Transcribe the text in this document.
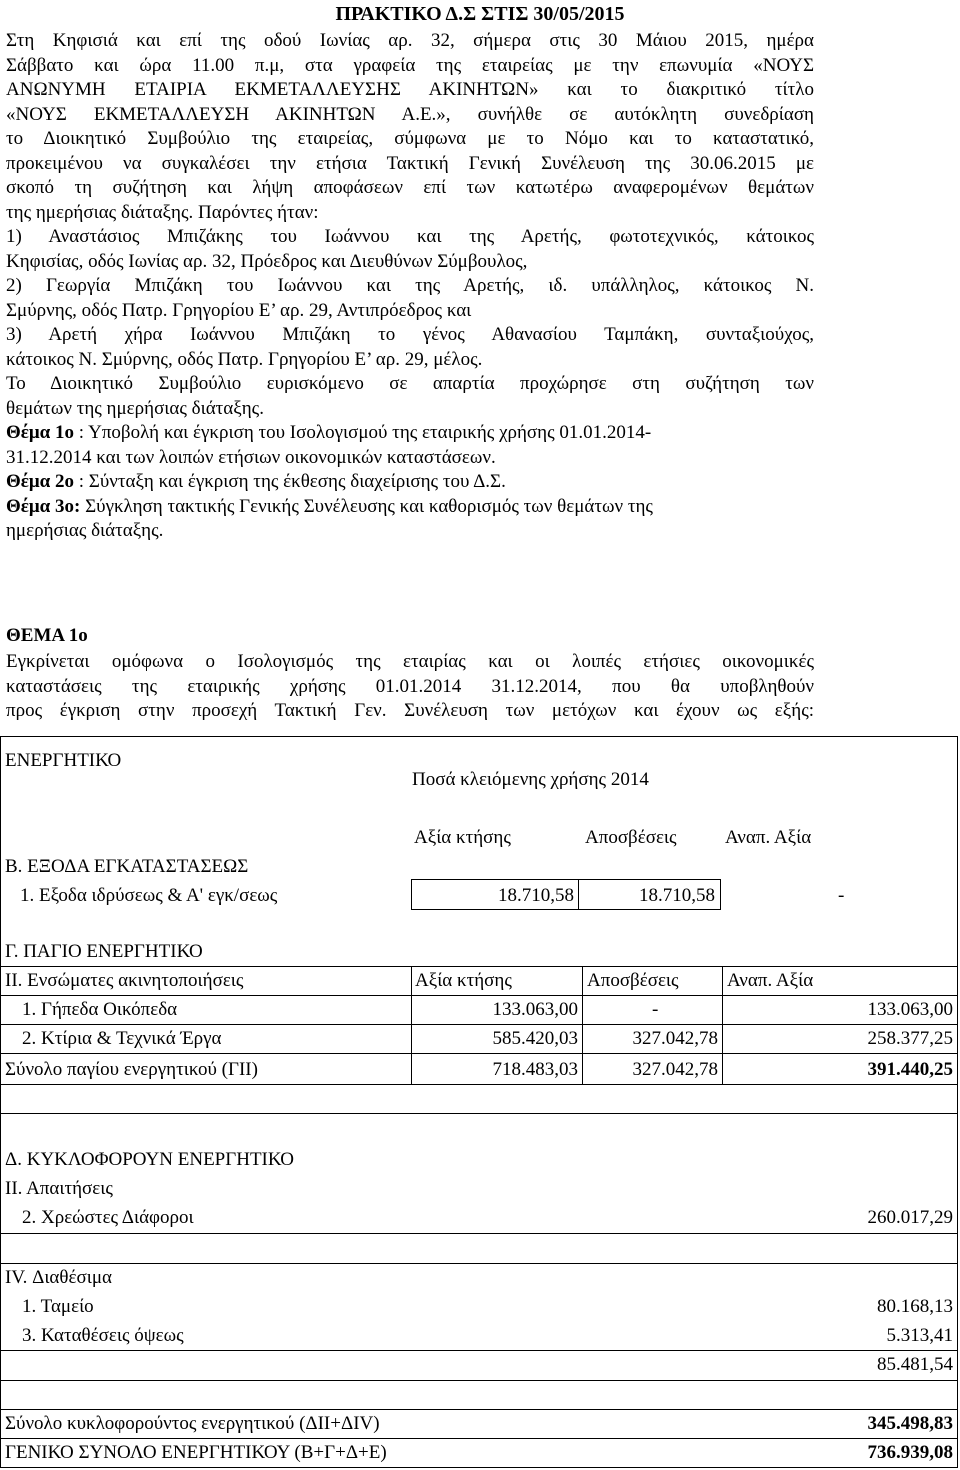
ΠΡΑΚΤΙΚΟ Δ.Σ ΣΤΙΣ 30/05/2015
Στη Κηφισιά και επί της οδού Ιωνίας αρ. 32, σήμερα στις 30 Μάιου 2015, ημέρα
Σάββατο και ώρα 11.00 π.μ, στα γραφεία της εταιρείας με την επωνυμία «ΝΟΥΣ
ΑΝΩΝΥΜΗ ΕΤΑΙΡΙΑ ΕΚΜΕΤΑΛΛΕΥΣΗΣ ΑΚΙΝΗΤΩΝ» και το διακριτικό τίτλο
«ΝΟΥΣ ΕΚΜΕΤΑΛΛΕΥΣΗ ΑΚΙΝΗΤΩΝ Α.Ε.», συνήλθε σε αυτόκλητη συνεδρίαση
το Διοικητικό Συμβούλιο της εταιρείας, σύμφωνα με το Νόμο και το καταστατικό,
προκειμένου να συγκαλέσει την ετήσια Τακτική Γενική Συνέλευση της 30.06.2015 με
σκοπό τη συζήτηση και λήψη αποφάσεων επί των κατωτέρω αναφερομένων θεμάτων
της ημερήσιας διάταξης. Παρόντες ήταν:
1) Αναστάσιος Μπιζάκης του Ιωάννου και της Αρετής, φωτοτεχνικός, κάτοικος
Κηφισίας, οδός Ιωνίας αρ. 32, Πρόεδρος και Διευθύνων Σύμβουλος,
2) Γεωργία Μπιζάκη του Ιωάννου και της Αρετής, ιδ. υπάλληλος, κάτοικος Ν.
Σμύρνης, οδός Πατρ. Γρηγορίου Ε’ αρ. 29, Αντιπρόεδρος και
3) Αρετή χήρα Ιωάννου Μπιζάκη το γένος Αθανασίου Ταμπάκη, συνταξιούχος,
κάτοικος Ν. Σμύρνης, οδός Πατρ. Γρηγορίου Ε’ αρ. 29, μέλος.
Το Διοικητικό Συμβούλιο ευρισκόμενο σε απαρτία προχώρησε στη συζήτηση των
θεμάτων της ημερήσιας διάταξης.
Θέμα 1ο : Υποβολή και έγκριση του Ισολογισμού της εταιρικής χρήσης 01.01.2014-
31.12.2014 και των λοιπών ετήσιων οικονομικών καταστάσεων.
Θέμα 2ο : Σύνταξη και έγκριση της έκθεσης διαχείρισης του Δ.Σ.
Θέμα 3ο: Σύγκληση τακτικής Γενικής Συνέλευσης και καθορισμός των θεμάτων της
ημερήσιας διάταξης.
ΘΕΜΑ 1ο
Εγκρίνεται ομόφωνα ο Ισολογισμός της εταιρίας και οι λοιπές ετήσιες οικονομικές
καταστάσεις της εταιρικής χρήσης 01.01.2014 31.12.2014, που θα υποβληθούν
προς έγκριση στην προσεχή Τακτική Γεν. Συνέλευση των μετόχων και έχουν ως εξής:
ΕΝΕΡΓΗΤΙΚΟ
Ποσά κλειόμενης χρήσης 2014
Αξία κτήσης	Αποσβέσεις	Αναπ. Αξία
Β. ΕΞΟΔΑ ΕΓΚΑΤΑΣΤΑΣΕΩΣ
1. Εξοδα ιδρύσεως & Α' εγκ/σεως	18.710,58	18.710,58	-
Γ. ΠΑΓΙΟ ΕΝΕΡΓΗΤΙΚΟ
ΙΙ. Ενσώματες ακινητοποιήσεις	Αξία κτήσης	Αποσβέσεις	Αναπ. Αξία
1. Γήπεδα Οικόπεδα	133.063,00	-	133.063,00
2. Κτίρια & Τεχνικά Έργα	585.420,03	327.042,78	258.377,25
Σύνολο παγίου ενεργητικού (ΓΙΙ)	718.483,03	327.042,78	391.440,25
Δ. ΚΥΚΛΟΦΟΡΟΥΝ ΕΝΕΡΓΗΤΙΚΟ
ΙΙ. Απαιτήσεις
2. Χρεώστες Διάφοροι	260.017,29
ΙV. Διαθέσιμα
1. Ταμείο	80.168,13
3. Καταθέσεις όψεως	5.313,41
85.481,54
Σύνολο κυκλοφορούντος ενεργητικού (ΔΙΙ+ΔΙV)	345.498,83
ΓΕΝΙΚΟ ΣΥΝΟΛΟ ΕΝΕΡΓΗΤΙΚΟΥ (Β+Γ+Δ+Ε)	736.939,08
